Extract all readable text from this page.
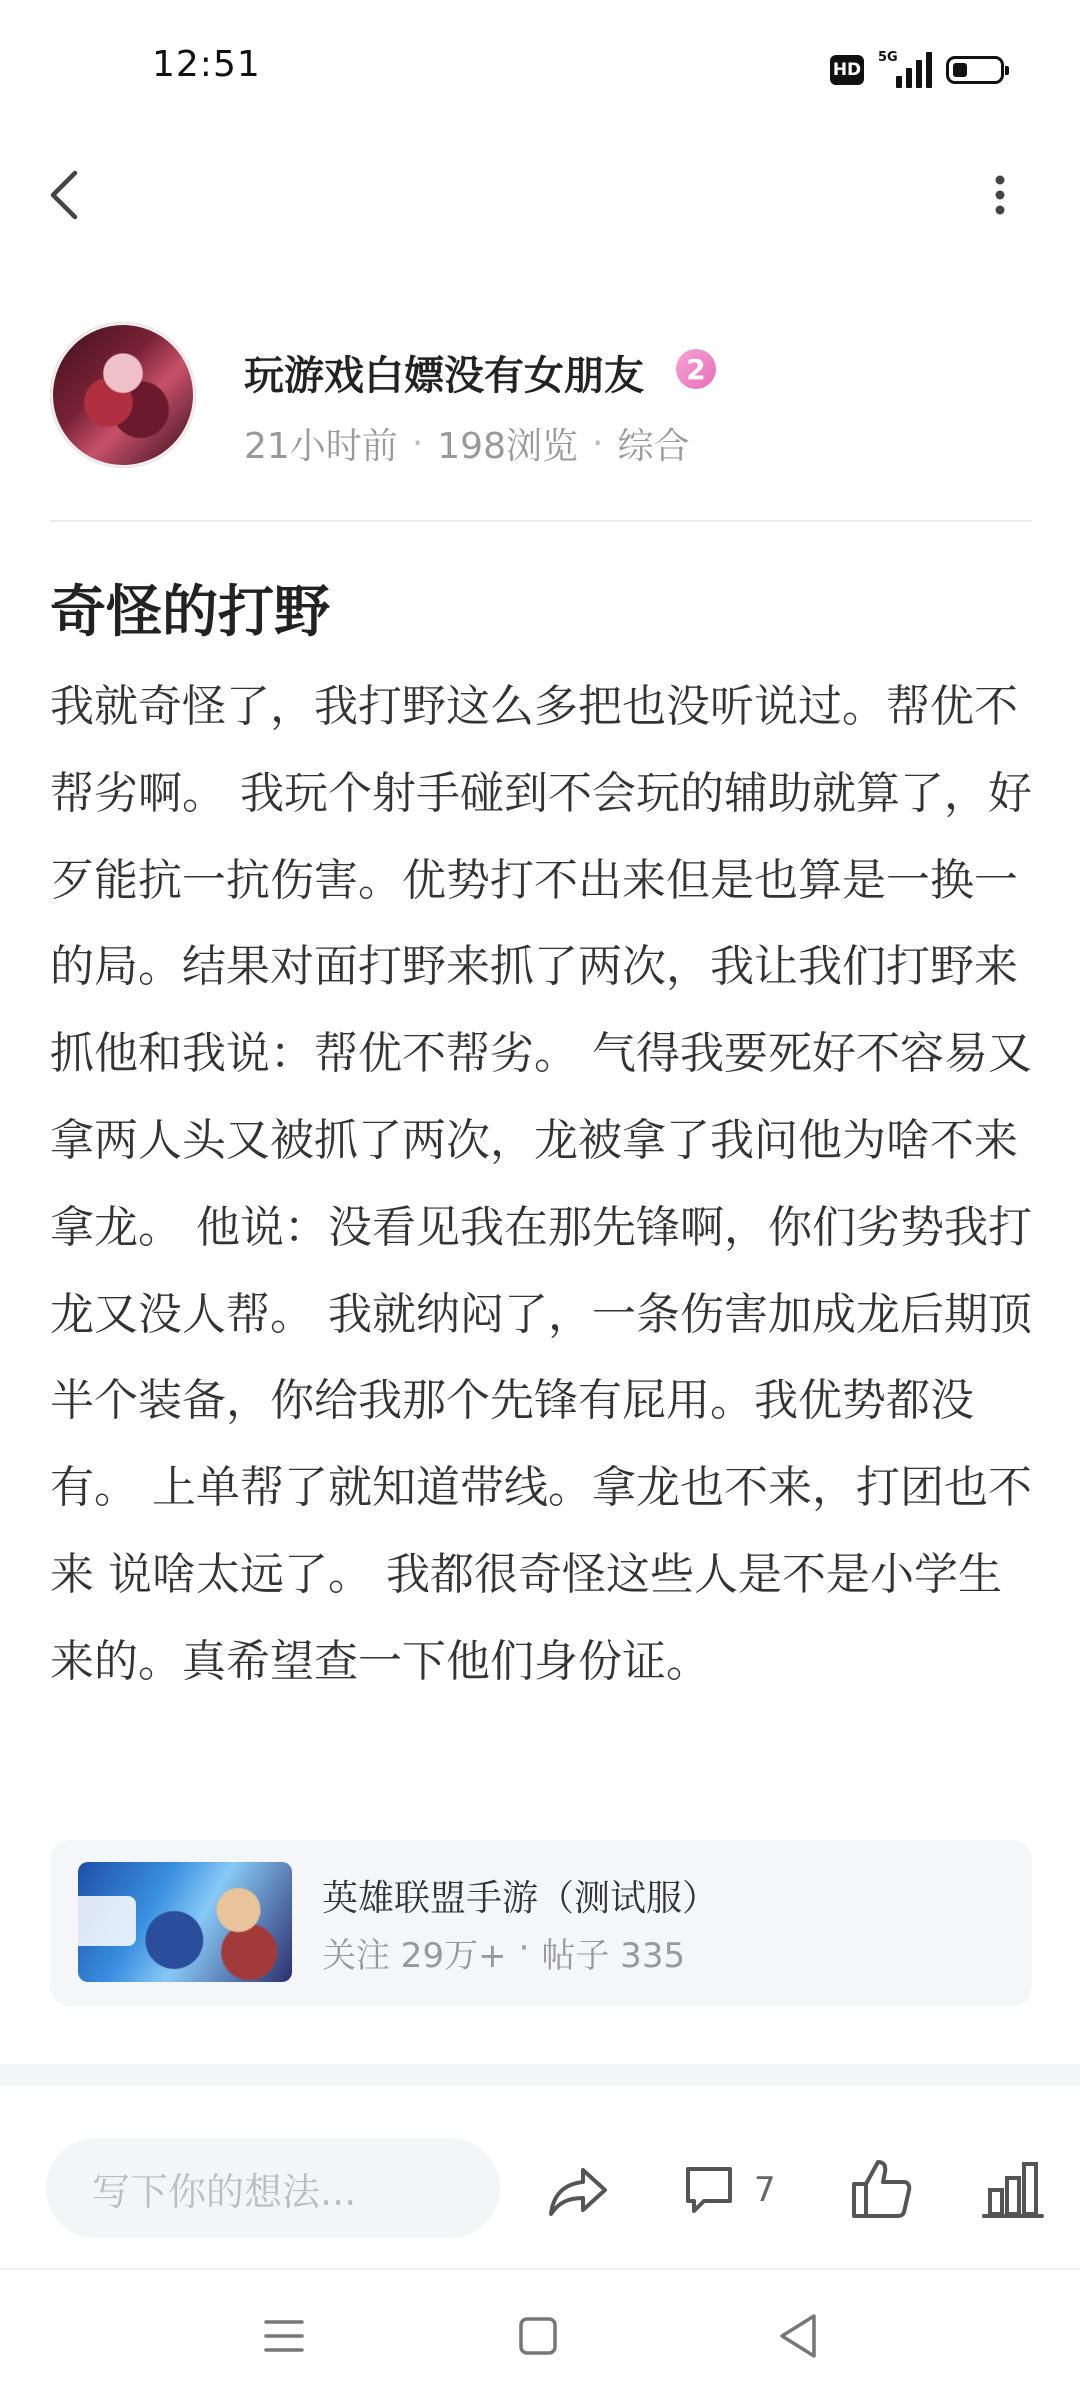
12:51	HD
5G
玩游戏白嫖没有女朋友	2
21小时前 · 198浏览 · 综合
奇怪的打野
我就奇怪了，我打野这么多把也没听说过。帮优不帮劣啊。 我玩个射手碰到不会玩的辅助就算了，好歹能抗一抗伤害。优势打不出来但是也算是一换一的局。结果对面打野来抓了两次，我让我们打野来抓他和我说：帮优不帮劣。 气得我要死好不容易又拿两人头又被抓了两次，龙被拿了我问他为啥不来拿龙。 他说：没看见我在那先锋啊，你们劣势我打龙又没人帮。 我就纳闷了，一条伤害加成龙后期顶半个装备，你给我那个先锋有屁用。我优势都没有。 上单帮了就知道带线。拿龙也不来，打团也不来 说啥太远了。 我都很奇怪这些人是不是小学生来的。真希望查一下他们身份证。
英雄联盟手游（测试服）
关注 29万+ · 帖子 335
写下你的想法...	7
